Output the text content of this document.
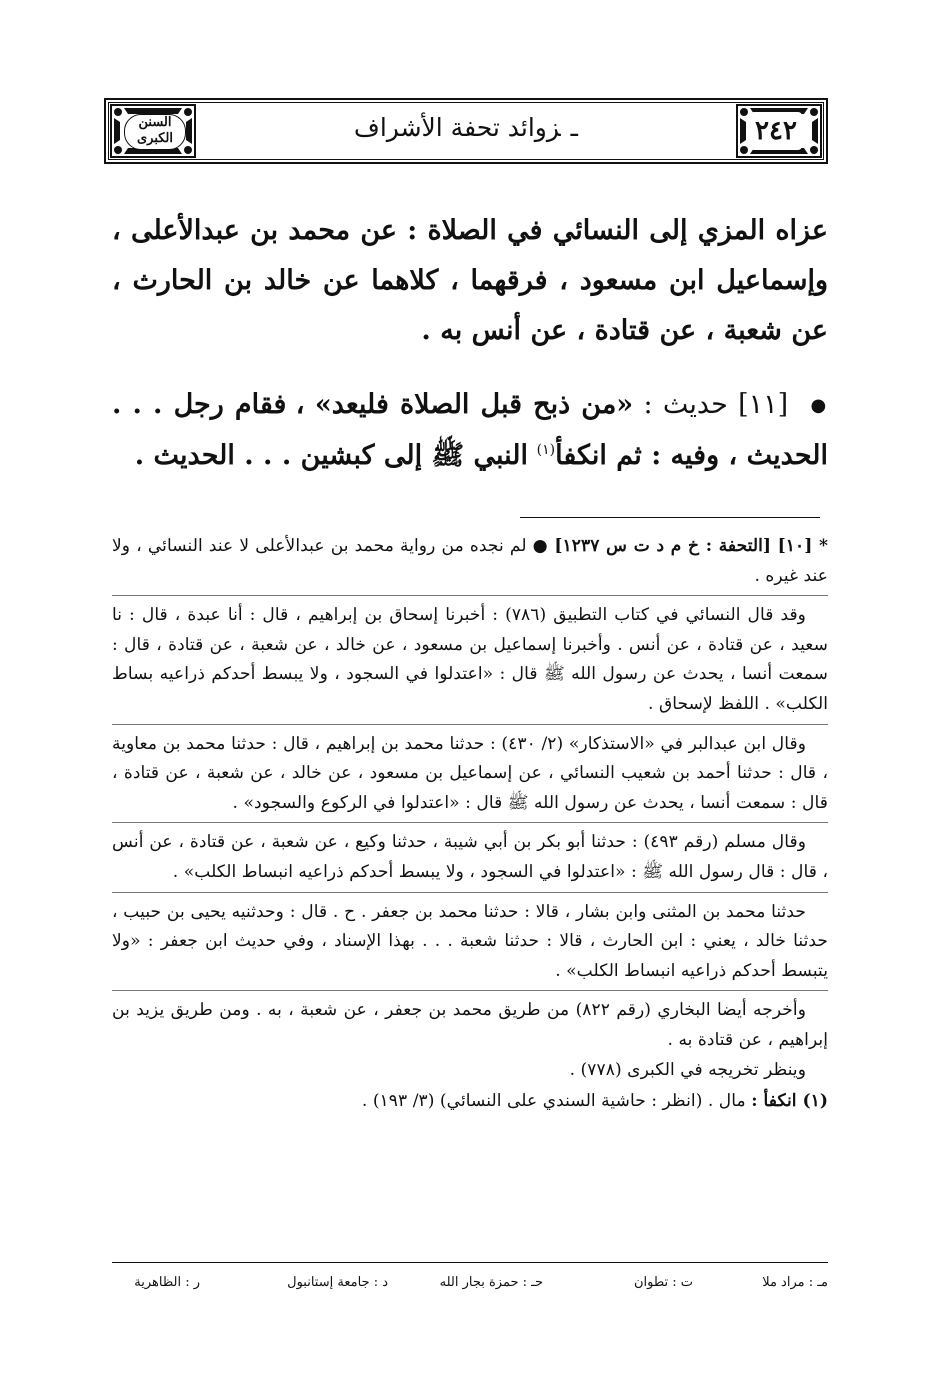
٢٤٢
السنن الكبرى	ـزوائد تحفة الأشراف
عزاه المزي إلى النسائي في الصلاة : عن محمد بن عبدالأعلى ، وإسماعيل ابن مسعود ، فرقهما ، كلاهما عن خالد بن الحارث ، عن شعبة ، عن قتادة ، عن أنس به .
● [١١] حديث : «من ذبح قبل الصلاة فليعد» ، فقام رجل . . . الحديث ، وفيه : ثم انكفأ$^{(١)}$ النبي ﷺ إلى كبشين . . . الحديث .

* [١٠] [التحفة : خ م د ت س ١٢٣٧] ● لم نجده من رواية محمد بن عبدالأعلى لا عند النسائي ، ولا عند غيره .

وقد قال النسائي في كتاب التطبيق (٧٨٦) : أخبرنا إسحاق بن إبراهيم ، قال : أنا عبدة ، قال : نا سعيد ، عن قتادة ، عن أنس . وأخبرنا إسماعيل بن مسعود ، عن خالد ، عن شعبة ، عن قتادة ، قال : سمعت أنسا ، يحدث عن رسول الله ﷺ قال : «اعتدلوا في السجود ، ولا يبسط أحدكم ذراعيه بساط الكلب» . اللفظ لإسحاق .

وقال ابن عبدالبر في «الاستذكار» (٢/ ٤٣٠) : حدثنا محمد بن إبراهيم ، قال : حدثنا محمد بن معاوية ، قال : حدثنا أحمد بن شعيب النسائي ، عن إسماعيل بن مسعود ، عن خالد ، عن شعبة ، عن قتادة ، قال : سمعت أنسا ، يحدث عن رسول الله ﷺ قال : «اعتدلوا في الركوع والسجود» .

وقال مسلم (رقم ٤٩٣) : حدثنا أبو بكر بن أبي شيبة ، حدثنا وكيع ، عن شعبة ، عن قتادة ، عن أنس ، قال : قال رسول الله ﷺ : «اعتدلوا في السجود ، ولا يبسط أحدكم ذراعيه انبساط الكلب» .

حدثنا محمد بن المثنى وابن بشار ، قالا : حدثنا محمد بن جعفر . ح . قال : وحدثنيه يحيى بن حبيب ، حدثنا خالد ، يعني : ابن الحارث ، قالا : حدثنا شعبة . . . بهذا الإسناد ، وفي حديث ابن جعفر : «ولا يتبسط أحدكم ذراعيه انبساط الكلب» .

وأخرجه أيضا البخاري (رقم ٨٢٢) من طريق محمد بن جعفر ، عن شعبة ، به . ومن طريق يزيد بن إبراهيم ، عن قتادة به .

وينظر تخريجه في الكبرى (٧٧٨) .

(١) انكفأ : مال . (انظر : حاشية السندي على النسائي) (٣/ ١٩٣) .

مـ : مراد ملا
ت : تطوان
حـ : حمزة بجار الله
د : جامعة إستانبول
ر : الظاهرية
